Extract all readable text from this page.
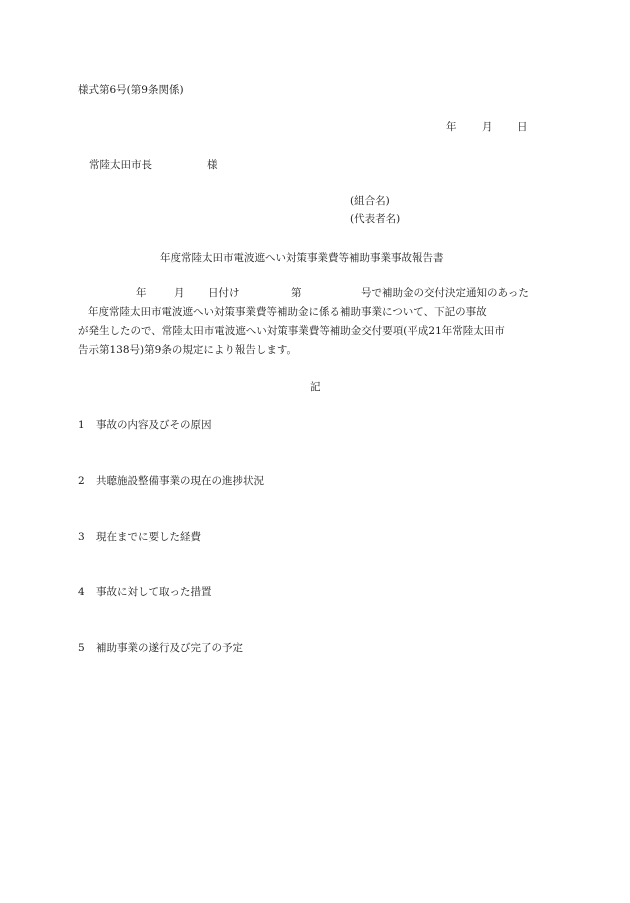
様式第6号(第9条関係)
年 月 日
常陸太田市長	様
(組合名)
(代表者名)
年度常陸太田市電波遮へい対策事業費等補助事業事故報告書
年	月 日付け	第	号で補助金の交付決定通知のあった
年度常陸太田市電波遮へい対策事業費等補助金に係る補助事業について、下記の事故
が発生したので、常陸太田市電波遮へい対策事業費等補助金交付要項(平成21年常陸太田市
告示第138号)第9条の規定により報告します。
記
1 事故の内容及びその原因
2 共聴施設整備事業の現在の進捗状況
3 現在までに要した経費
4 事故に対して取った措置
5 補助事業の遂行及び完了の予定
